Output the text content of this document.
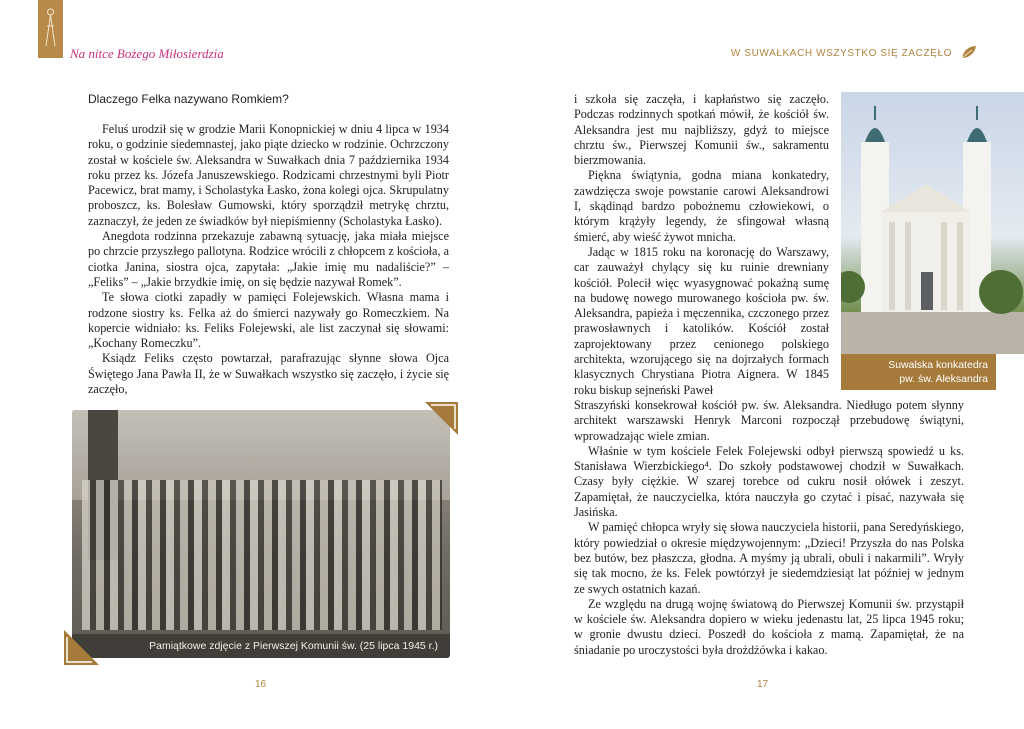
Na nitce Bożego Miłosierdzia
Dlaczego Felka nazywano Romkiem?

Feluś urodził się w grodzie Marii Konopnickiej w dniu 4 lipca w 1934 roku, o godzinie siedemnastej, jako piąte dziecko w rodzinie. Ochrzczony został w kościele św. Aleksandra w Suwałkach dnia 7 października 1934 roku przez ks. Józefa Januszewskiego. Rodzicami chrzestnymi byli Piotr Pacewicz, brat mamy, i Scholastyka Łasko, żona kolegi ojca. Skrupulatny proboszcz, ks. Bolesław Gumowski, który sporządził metrykę chrztu, zaznaczył, że jeden ze świadków był niepiśmienny (Scholastyka Łasko).

Anegdota rodzinna przekazuje zabawną sytuację, jaka miała miejsce po chrzcie przyszłego pallotyna. Rodzice wrócili z chłopcem z kościoła, a ciotka Janina, siostra ojca, zapytała: „Jakie imię mu nadaliście?” – „Feliks” – „Jakie brzydkie imię, on się będzie nazywał Romek”.

Te słowa ciotki zapadły w pamięci Folejewskich. Własna mama i rodzone siostry ks. Felka aż do śmierci nazywały go Romeczkiem. Na kopercie widniało: ks. Feliks Folejewski, ale list zaczynał się słowami: „Kochany Romeczku”.

Ksiądz Feliks często powtarzał, parafrazując słynne słowa Ojca Świętego Jana Pawła II, że w Suwałkach wszystko się zaczęło, i życie się zaczęło,

Pamiątkowe zdjęcie z Pierwszej Komunii św. (25 lipca 1945 r.)
16
W SUWAŁKACH WSZYSTKO SIĘ ZACZĘŁO

i szkoła się zaczęła, i kapłaństwo się zaczęło. Podczas rodzinnych spotkań mówił, że kościół św. Aleksandra jest mu najbliższy, gdyż to miejsce chrztu św., Pierwszej Komunii św., sakramentu bierzmowania.

Piękna świątynia, godna miana konkatedry, zawdzięcza swoje powstanie carowi Aleksandrowi I, skądinąd bardzo pobożnemu człowiekowi, o którym krążyły legendy, że sfingował własną śmierć, aby wieść żywot mnicha.

Jadąc w 1815 roku na koronację do Warszawy, car zauważył chylący się ku ruinie drewniany kościół. Polecił więc wyasygnować pokaźną sumę na budowę nowego murowanego kościoła pw. św. Aleksandra, papieża i męczennika, czczonego przez prawosławnych i katolików. Kościół został zaprojektowany przez cenionego polskiego architekta, wzorującego się na dojrzałych formach klasycznych Chrystiana Piotra Aignera. W 1845 roku biskup sejneński Paweł

Suwalska konkatedra
pw. św. Aleksandra

Straszyński konsekrował kościół pw. św. Aleksandra. Niedługo potem słynny architekt warszawski Henryk Marconi rozpoczął przebudowę świątyni, wprowadzając wiele zmian.

Właśnie w tym kościele Felek Folejewski odbył pierwszą spowiedź u ks. Stanisława Wierzbickiego⁴. Do szkoły podstawowej chodził w Suwałkach. Czasy były ciężkie. W szarej torebce od cukru nosił ołówek i zeszyt. Zapamiętał, że nauczycielka, która nauczyła go czytać i pisać, nazywała się Jasińska.

W pamięć chłopca wryły się słowa nauczyciela historii, pana Seredyńskiego, który powiedział o okresie międzywojennym: „Dzieci! Przyszła do nas Polska bez butów, bez płaszcza, głodna. A myśmy ją ubrali, obuli i nakarmili”. Wryły się tak mocno, że ks. Felek powtórzył je siedemdziesiąt lat później w jednym ze swych ostatnich kazań.

Ze względu na drugą wojnę światową do Pierwszej Komunii św. przystąpił w kościele św. Aleksandra dopiero w wieku jedenastu lat, 25 lipca 1945 roku; w gronie dwustu dzieci. Poszedł do kościoła z mamą. Zapamiętał, że na śniadanie po uroczystości była drożdżówka i kakao.

17
